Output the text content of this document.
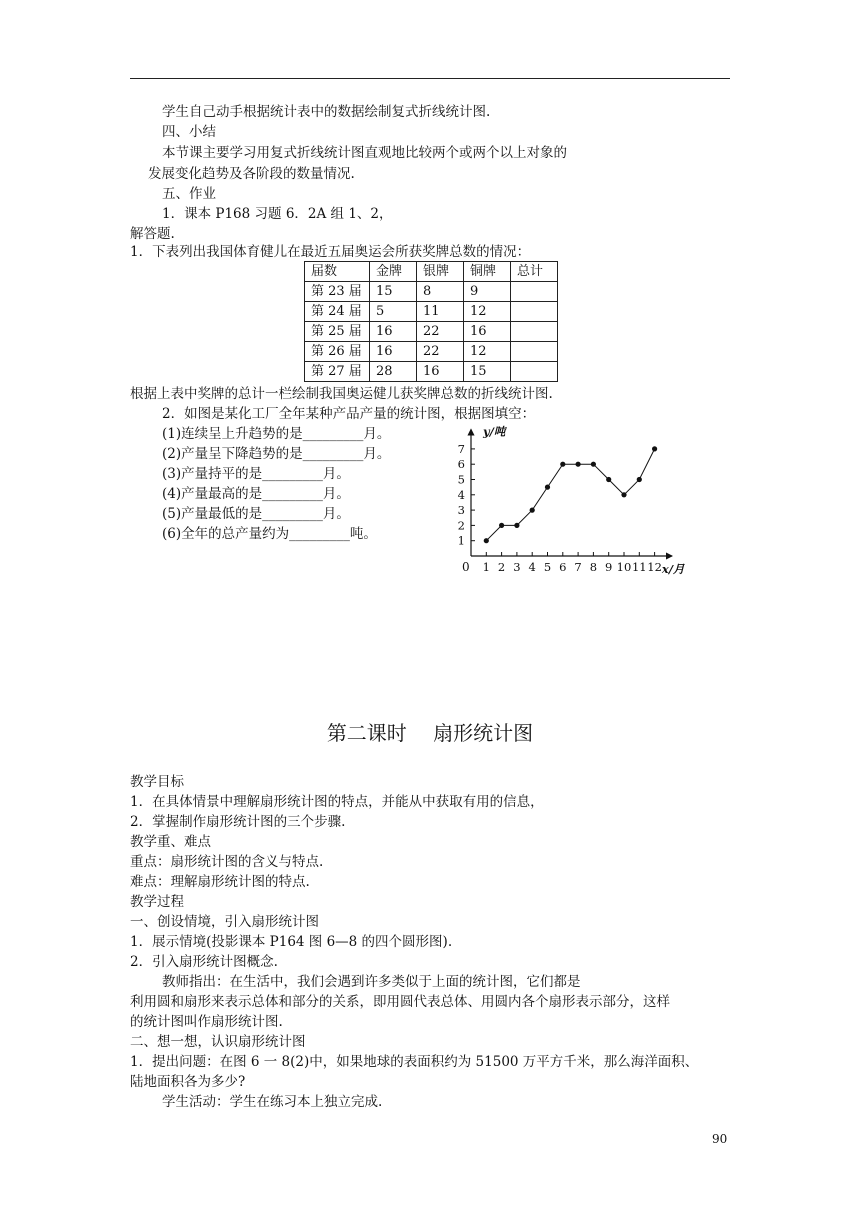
学生自己动手根据统计表中的数据绘制复式折线统计图.
四、小结
本节课主要学习用复式折线统计图直观地比较两个或两个以上对象的
发展变化趋势及各阶段的数量情况.
五、作业
1．课本 P168 习题 6．2A 组 1、2，
解答题.
1．下表列出我国体育健儿在最近五届奥运会所获奖牌总数的情况：
届数	金牌	银牌	铜牌	总计
第 23 届	15	8	9	
第 24 届	5	11	12	
第 25 届	16	22	16	
第 26 届	16	22	12	
第 27 届	28	16	15	
根据上表中奖牌的总计一栏绘制我国奥运健儿获奖牌总数的折线统计图.
2．如图是某化工厂全年某种产品产量的统计图，根据图填空：
(1)连续呈上升趋势的是_________月。
(2)产量呈下降趋势的是_________月。
(3)产量持平的是_________月。
(4)产量最高的是_________月。
(5)产量最低的是_________月。
(6)全年的总产量约为_________吨。
0 1 2 3 4 5 6 7 8 9 10 11 12
1
2
3
4
5
6
7
y/吨
x/月
第二课时　 扇形统计图
教学目标
1．在具体情景中理解扇形统计图的特点，并能从中获取有用的信息，
2．掌握制作扇形统计图的三个步骤.
教学重、难点
重点：扇形统计图的含义与特点.
难点：理解扇形统计图的特点.
教学过程
一、创设情境，引入扇形统计图
1．展示情境(投影课本 P164 图 6—8 的四个圆形图).
2．引入扇形统计图概念.
教师指出：在生活中，我们会遇到许多类似于上面的统计图，它们都是
利用圆和扇形来表示总体和部分的关系，即用圆代表总体、用圆内各个扇形表示部分，这样
的统计图叫作扇形统计图.
二、想一想，认识扇形统计图
1．提出问题：在图 6 一 8(2)中，如果地球的表面积约为 51500 万平方千米，那么海洋面积、
陆地面积各为多少?
学生活动：学生在练习本上独立完成.
90
